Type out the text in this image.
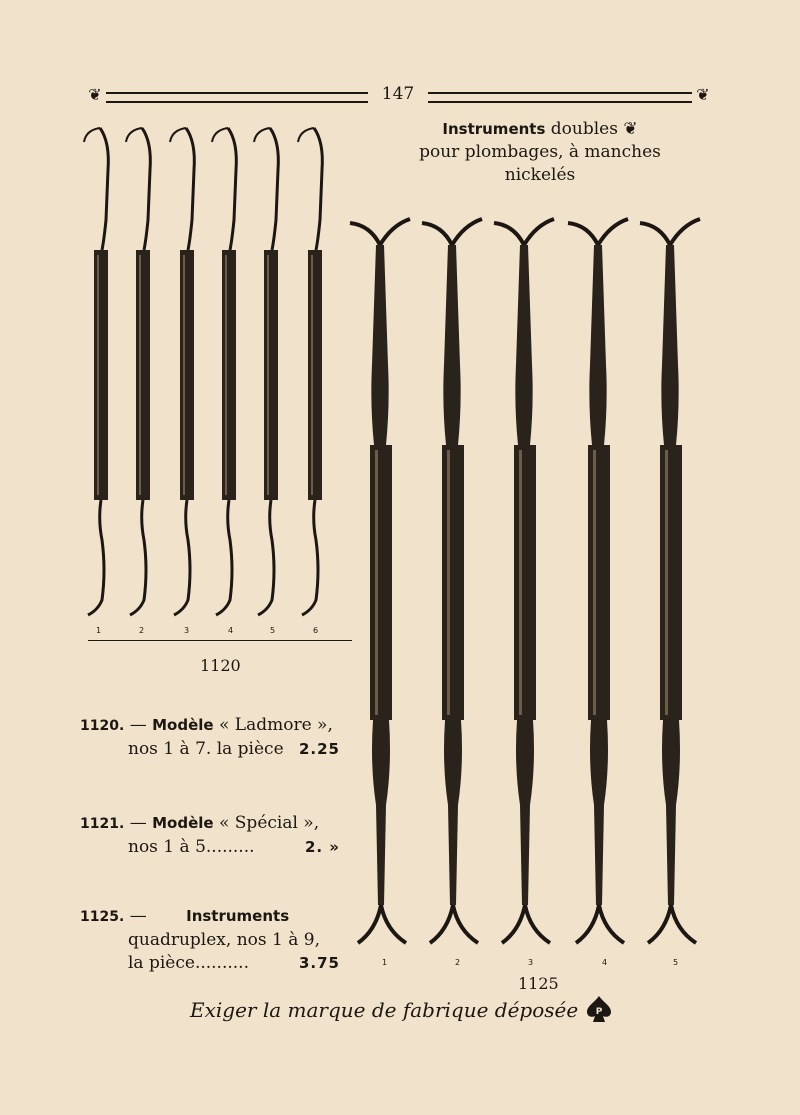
❦	147	❦
Instruments doubles ❦
pour plombages, à manches
nickelés
1	2	3	4	5	6
1120
1	2	3	4	5
1125
1120. — Modèle « Ladmore »,
nos 1 à 7. la pièce 2.25
1121. — Modèle « Spécial »,
nos 1 à 5.........	2. »
1125. —	Instruments
quadruplex, nos 1 à 9,
la pièce..........	3.75
Exiger la marque de fabrique déposée P
